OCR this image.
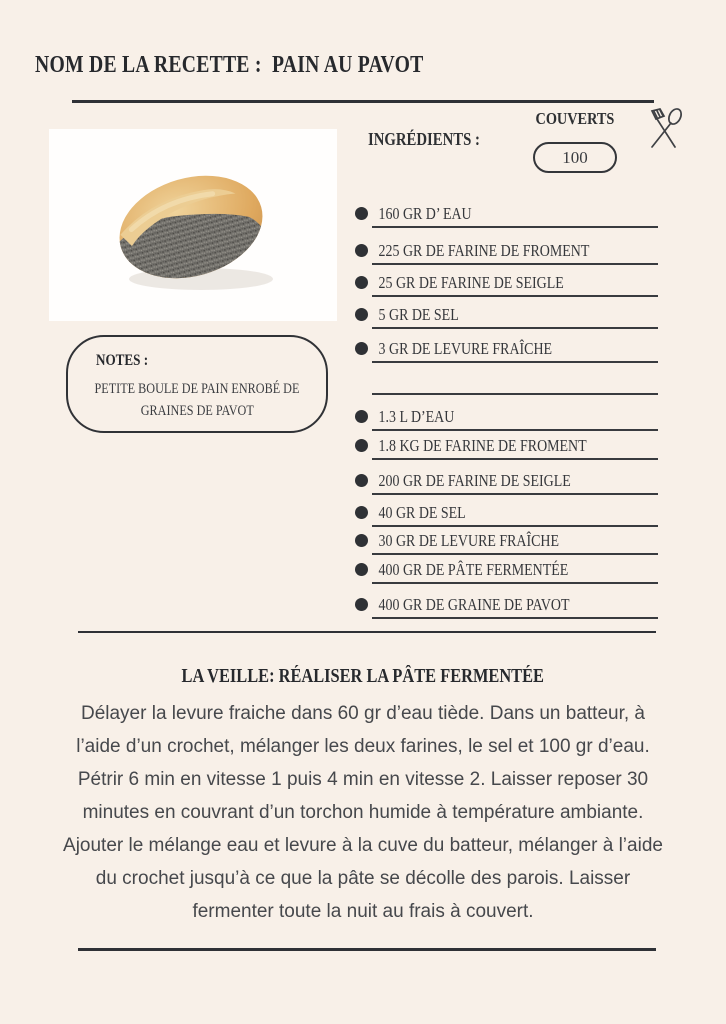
NOM DE LA RECETTE :  PAIN AU PAVOT
INGRÉDIENTS :
COUVERTS
100
160 GR D’ EAU
225 GR DE FARINE DE FROMENT
25 GR DE FARINE DE SEIGLE
5 GR DE SEL
3 GR DE LEVURE FRAÎCHE
1.3 L D’EAU
1.8 KG DE FARINE DE FROMENT
200 GR DE FARINE DE SEIGLE
40 GR DE SEL
30 GR DE LEVURE FRAÎCHE
400 GR DE PÂTE FERMENTÉE
400 GR DE GRAINE DE PAVOT
NOTES :
PETITE BOULE DE PAIN ENROBÉ DE
GRAINES DE PAVOT
LA VEILLE: RÉALISER LA PÂTE FERMENTÉE
Délayer la levure fraiche dans 60 gr d’eau tiède. Dans un batteur, à
l’aide d’un crochet, mélanger les deux farines, le sel et 100 gr d’eau.
Pétrir 6 min en vitesse 1 puis 4 min en vitesse 2. Laisser reposer 30
minutes en couvrant d’un torchon humide à température ambiante.
Ajouter le mélange eau et levure à la cuve du batteur, mélanger à l’aide
du crochet jusqu’à ce que la pâte se décolle des parois. Laisser
fermenter toute la nuit au frais à couvert.
